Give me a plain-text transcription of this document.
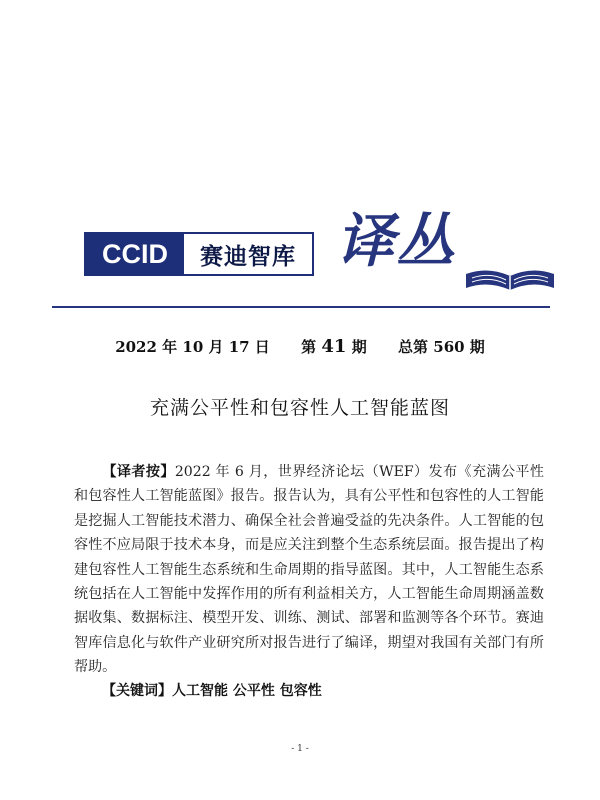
CCID	赛迪智库 译丛
2022 年 10 月 17 日 第 41 期 总第 560 期
充满公平性和包容性人工智能蓝图
【译者按】2022 年 6 月，世界经济论坛（WEF）发布《充满公平性和包容性人工智能蓝图》报告。报告认为，具有公平性和包容性的人工智能是挖掘人工智能技术潜力、确保全社会普遍受益的先决条件。人工智能的包容性不应局限于技术本身，而是应关注到整个生态系统层面。报告提出了构建包容性人工智能生态系统和生命周期的指导蓝图。其中，人工智能生态系统包括在人工智能中发挥作用的所有利益相关方，人工智能生命周期涵盖数据收集、数据标注、模型开发、训练、测试、部署和监测等各个环节。赛迪智库信息化与软件产业研究所对报告进行了编译，期望对我国有关部门有所帮助。
【关键词】人工智能 公平性 包容性
- 1 -
